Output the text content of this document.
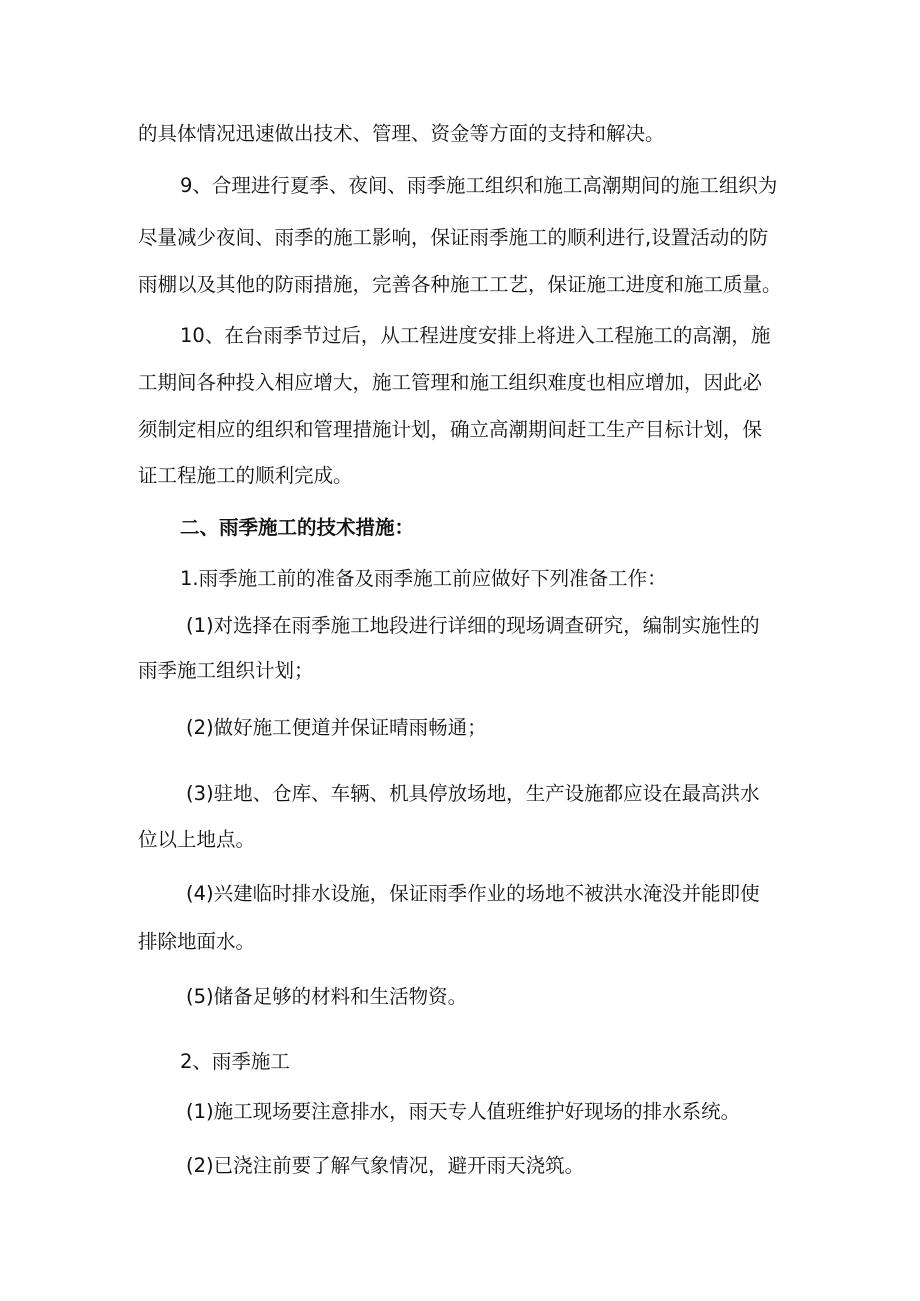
的具体情况迅速做出技术、管理、资金等方面的支持和解决。
9、合理进行夏季、夜间、雨季施工组织和施工高潮期间的施工组织为
尽量减少夜间、雨季的施工影响，保证雨季施工的顺利进行,设置活动的防
雨棚以及其他的防雨措施，完善各种施工工艺，保证施工进度和施工质量。
10、在台雨季节过后，从工程进度安排上将进入工程施工的高潮，施
工期间各种投入相应增大，施工管理和施工组织难度也相应增加，因此必
须制定相应的组织和管理措施计划，确立高潮期间赶工生产目标计划，保
证工程施工的顺利完成。
二、雨季施工的技术措施：
1.雨季施工前的准备及雨季施工前应做好下列准备工作：
(1)对选择在雨季施工地段进行详细的现场调查研究，编制实施性的
雨季施工组织计划；
(2)做好施工便道并保证晴雨畅通；
(3)驻地、仓库、车辆、机具停放场地，生产设施都应设在最高洪水
位以上地点。
(4)兴建临时排水设施，保证雨季作业的场地不被洪水淹没并能即使
排除地面水。
(5)储备足够的材料和生活物资。
2、雨季施工
(1)施工现场要注意排水，雨天专人值班维护好现场的排水系统。
(2)已浇注前要了解气象情况，避开雨天浇筑。
